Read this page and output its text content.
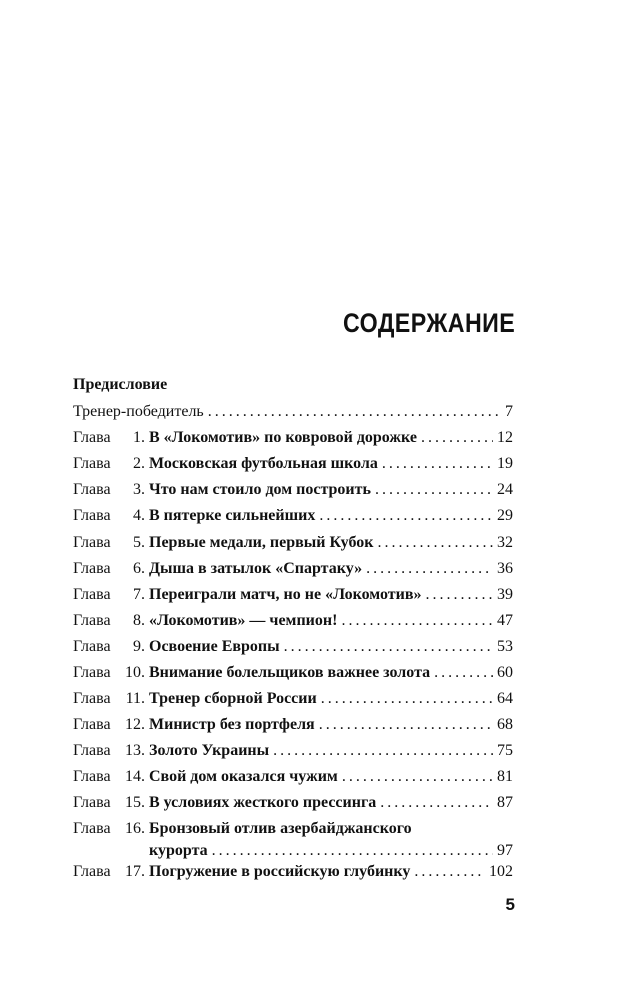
СОДЕРЖАНИЕ
Предисловие
Тренер-победитель . . .	7
Глава	1. В «Локомотив» по ковровой дорожке . . .	12
Глава	2. Московская футбольная школа . . .	19
Глава	3. Что нам стоило дом построить . . .	24
Глава	4. В пятерке сильнейших . . .	29
Глава	5. Первые медали, первый Кубок . . .	32
Глава	6. Дыша в затылок «Спартаку» . . .	36
Глава	7. Переиграли матч, но не «Локомотив» . . .	39
Глава	8. «Локомотив» — чемпион! . . .	47
Глава	9. Освоение Европы . . .	53
Глава 10. Внимание болельщиков важнее золота . . .	60
Глава 11. Тренер сборной России . . .	64
Глава 12. Министр без портфеля . . .	68
Глава 13. Золото Украины . . .	75
Глава 14. Свой дом оказался чужим . . .	81
Глава 15. В условиях жесткого прессинга . . .	87
Глава 16. Бронзовый отлив азербайджанского
курорта . . .	97
Глава 17. Погружение в российскую глубинку . . .	102
5
